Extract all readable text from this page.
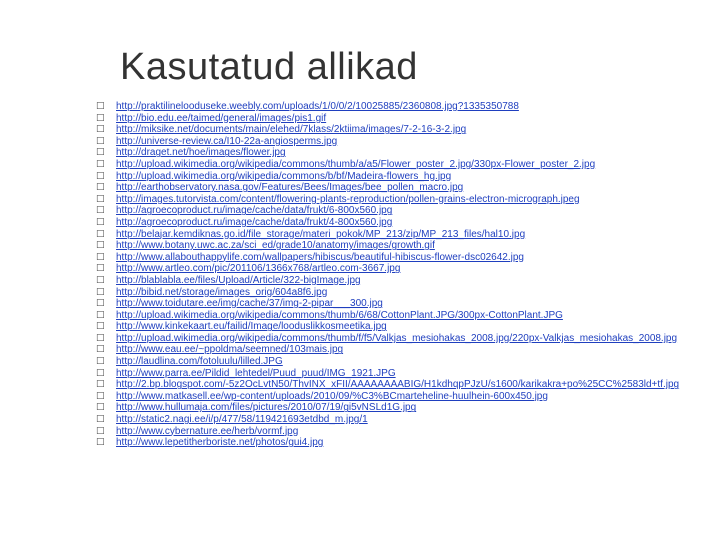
Kasutatud allikad
□	http://praktilineloodusekе.weebly.com/uploads/1/0/0/2/10025885/2360808.jpg?1335350788
□	http://bio.edu.ee/taimed/general/images/pis1.gif
□	http://miksike.net/documents/main/elehed/7klass/2ktiima/images/7-2-16-3-2.jpg
□	http://universe-review.ca/I10-22a-angiosperms.jpg
□	http://draget.net/hoe/images/flower.jpg
□	http://upload.wikimedia.org/wikipedia/commons/thumb/a/a5/Flower_poster_2.jpg/330px-Flower_poster_2.jpg
□	http://upload.wikimedia.org/wikipedia/commons/b/bf/Madeira-flowers_hg.jpg
□	http://earthobservatory.nasa.gov/Features/Bees/Images/bee_pollen_macro.jpg
□	http://images.tutorvista.com/content/flowering-plants-reproduction/pollen-grains-electron-micrograph.jpeg
□	http://agroecoproduct.ru/image/cache/data/frukt/6-800x560.jpg
□	http://agroecoproduct.ru/image/cache/data/frukt/4-800x560.jpg
□	http://belajar.kemdiknas.go.id/file_storage/materi_pokok/MP_213/zip/MP_213_files/hal10.jpg
□	http://www.botany.uwc.ac.za/sci_ed/grade10/anatomy/images/growth.gif
□	http://www.allabouthappylife.com/wallpapers/hibiscus/beautiful-hibiscus-flower-dsc02642.jpg
□	http://www.artleo.com/pic/201106/1366x768/artleo.com-3667.jpg
□	http://blablabla.ee/files/Upload/Article/322-bigImage.jpg
□	http://bibid.net/storage/images_orig/604a8f6.jpg
□	http://www.toidutare.ee/img/cache/37/img-2-pipar___300.jpg
□	http://upload.wikimedia.org/wikipedia/commons/thumb/6/68/CottonPlant.JPG/300px-CottonPlant.JPG
□	http://www.kinkekaart.eu/failid/Image/looduslikkosmeetika.jpg
□	http://upload.wikimedia.org/wikipedia/commons/thumb/f/f5/Valkjas_mesiohakas_2008.jpg/220px-Valkjas_mesiohakas_2008.jpg
□	http://www.eau.ee/~ppoldma/seemned/103mais.jpg
□	http://laudlina.com/fotoluulu/lilled.JPG
□	http://www.parra.ee/Pildid_lehtedel/Puud_puud/IMG_1921.JPG
□	http://2.bp.blogspot.com/-5z2OcLvtN50/ThvINX_xFII/AAAAAAAABIG/H1kdhqpPJzU/s1600/karikakra+po%25CC%2583ld+tf.jpg
□	http://www.matkasell.ee/wp-content/uploads/2010/09/%C3%BCmarteheline-huulhein-600x450.jpg
□	http://www.hullumaja.com/files/pictures/2010/07/19/gi5vNSLd1G.jpg
□	http://static2.nagi.ee/i/p/477/58/119421693etdbd_m.jpg/1
□	http://www.cybernature.ee/herb/vormf.jpg
□	http://www.lepetitherboriste.net/photos/gui4.jpg
